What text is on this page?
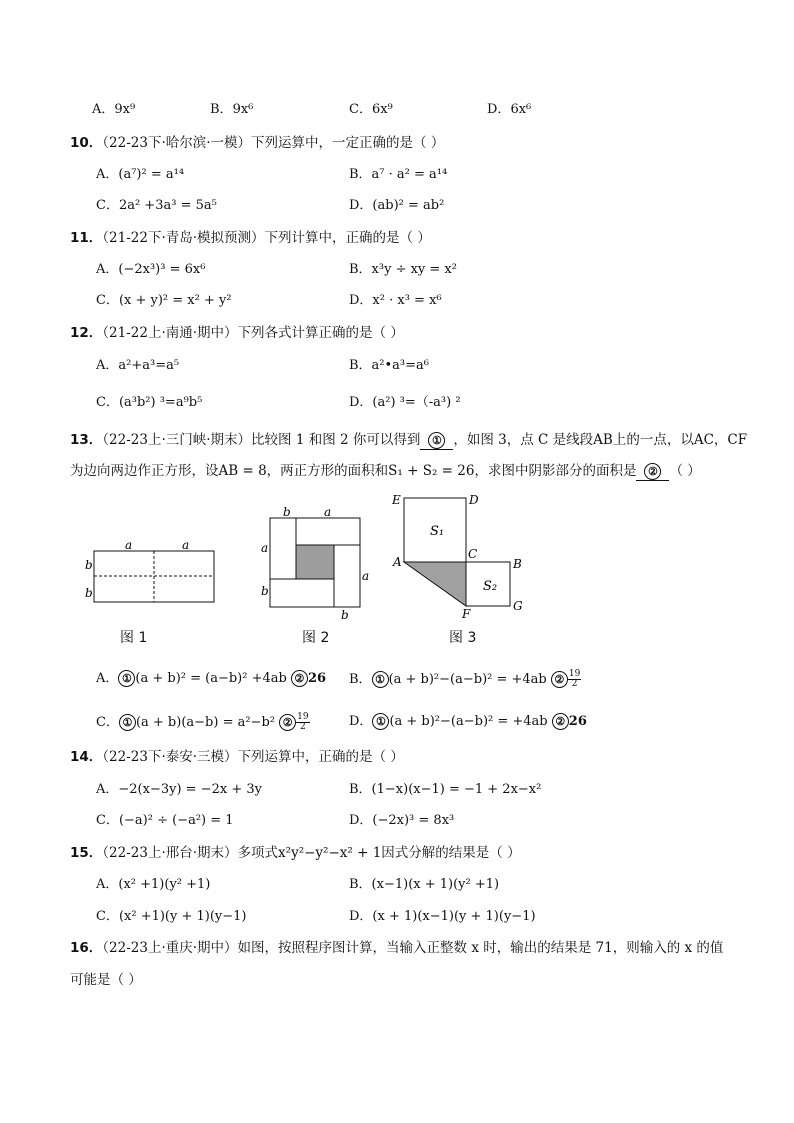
A．9x⁹	B．9x⁶	C．6x⁹	D．6x⁶
10．（22-23下·哈尔滨·一模）下列运算中，一定正确的是（ ）
A．(a⁷)² = a¹⁴	B．a⁷ · a² = a¹⁴
C．2a² +3a³ = 5a⁵	D．(ab)² = ab²
11．（21-22下·青岛·模拟预测）下列计算中，正确的是（ ）
A．(−2x³)³ = 6x⁶	B．x³y ÷ xy = x²
C．(x + y)² = x² + y²	D．x² · x³ = x⁶
12．（21-22上·南通·期中）下列各式计算正确的是（ ）
A．a²+a³=a⁵	B．a²•a³=a⁶
C．(a³b²) ³=a⁹b⁵	D．(a²) ³=（-a³) ²
13．（22-23上·三门峡·期末）比较图 1 和图 2 你可以得到 ① ，如图 3，点 C 是线段AB上的一点，以AC，CF
为边向两边作正方形，设AB = 8，两正方形的面积和S₁ + S₂ = 26，求图中阴影部分的面积是 ② （ ）
a	a
b
b
图 1
b	a
a
b
a
b
图 2
E	D
S₁
A
C
B
S₂
F
G
图 3
A． ① (a + b)² = (a−b)² +4ab ② 26 B． ① (a + b)²−(a−b)² = +4ab ② $\frac{19}{2}$
C． ① (a + b)(a−b) = a²−b² ② $\frac{19}{2}$	D． ① (a + b)²−(a−b)² = +4ab ② 26
14．（22-23下·泰安·三模）下列运算中，正确的是（ ）
A．−2(x−3y) = −2x + 3y	B．(1−x)(x−1) = −1 + 2x−x²
C．(−a)² ÷ (−a²) = 1	D．(−2x)³ = 8x³
15．（22-23上·邢台·期末）多项式x²y²−y²−x² + 1因式分解的结果是（ ）
A．(x² +1)(y² +1)	B．(x−1)(x + 1)(y² +1)
C．(x² +1)(y + 1)(y−1)	D．(x + 1)(x−1)(y + 1)(y−1)
16．（22-23上·重庆·期中）如图，按照程序图计算，当输入正整数 x 时，输出的结果是 71，则输入的 x 的值
可能是（ ）
